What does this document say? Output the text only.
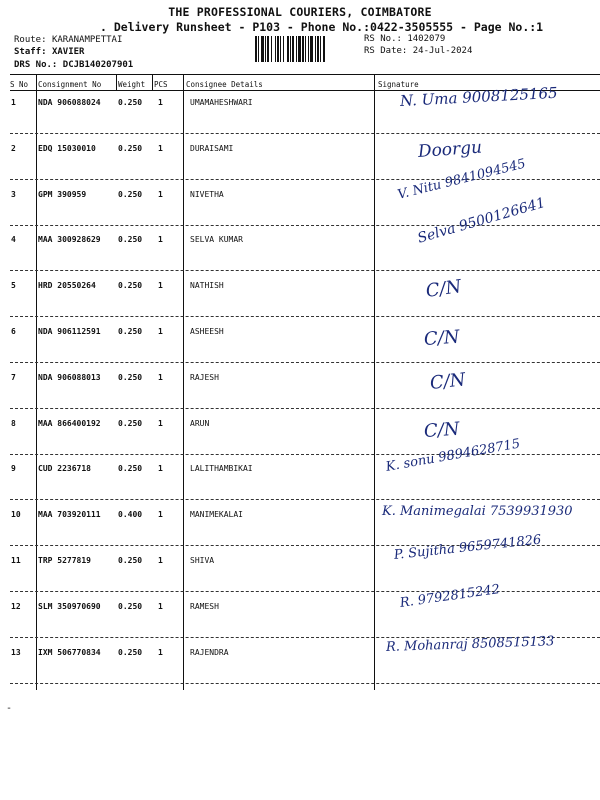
THE PROFESSIONAL COURIERS, COIMBATORE
. Delivery Runsheet - P103 - Phone No.:0422-3505555 - Page No.:1
Route: KARANAMPETTAI
Staff: XAVIER
DRS No.: DCJB140207901
RS No.: 1402079
RS Date: 24-Jul-2024
S No Consignment No Weight PCS Consignee Details	Signature
1	NDA 906088024 0.250 1	UMAMAHESHWARI	N. Uma 9008125165
2	EDQ 15030010	0.250 1	DURAISAMI	Doorgu
3	GPM 390959	0.250 1	NIVETHA	V. Nitu 9841094545
4	MAA 300928629 0.250 1	SELVA KUMAR	Selva 9500126641
5	HRD 20550264	0.250 1	NATHISH	C/N
6	NDA 906112591 0.250 1	ASHEESH	C/N
7	NDA 906088013 0.250 1	RAJESH	C/N
8	MAA 866400192 0.250 1	ARUN	C/N
9	CUD 2236718	0.250 1	LALITHAMBIKAI	K. sonu 9894628715
10 MAA 703920111 0.400 1	MANIMEKALAI	K. Manimegalai 7539931930
11 TRP 5277819	0.250 1	SHIVA	P. Sujitha 9659741826
12 SLM 350970690 0.250 1	RAMESH	R. 9792815242
13 IXM 506770834 0.250 1	RAJENDRA	R. Mohanraj 8508515133
-
